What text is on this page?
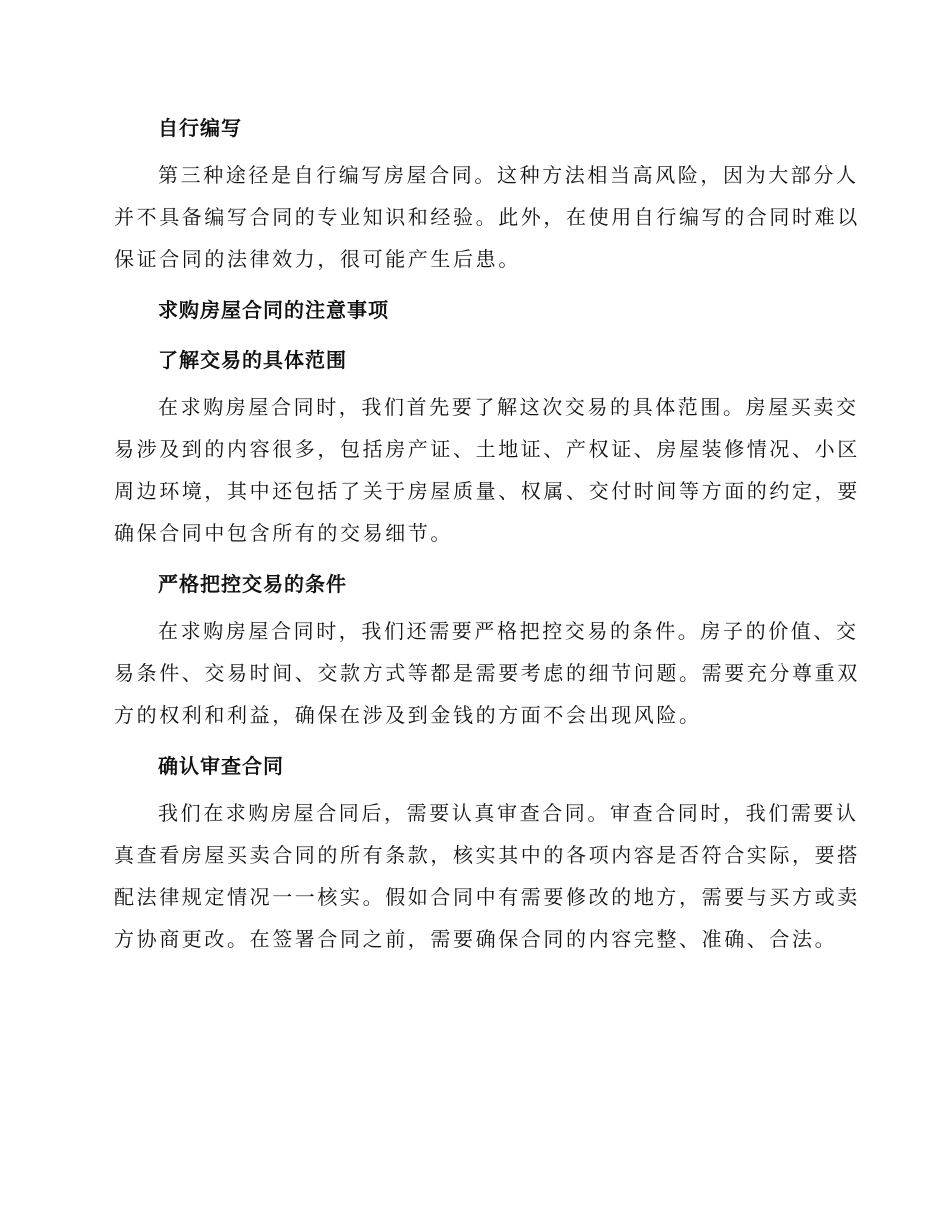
自行编写

第三种途径是自行编写房屋合同。这种方法相当高风险，因为大部分人
并不具备编写合同的专业知识和经验。此外，在使用自行编写的合同时难以
保证合同的法律效力，很可能产生后患。

求购房屋合同的注意事项
了解交易的具体范围

在求购房屋合同时，我们首先要了解这次交易的具体范围。房屋买卖交
易涉及到的内容很多，包括房产证、土地证、产权证、房屋装修情况、小区
周边环境，其中还包括了关于房屋质量、权属、交付时间等方面的约定，要
确保合同中包含所有的交易细节。

严格把控交易的条件

在求购房屋合同时，我们还需要严格把控交易的条件。房子的价值、交
易条件、交易时间、交款方式等都是需要考虑的细节问题。需要充分尊重双
方的权利和利益，确保在涉及到金钱的方面不会出现风险。

确认审查合同

我们在求购房屋合同后，需要认真审查合同。审查合同时，我们需要认
真查看房屋买卖合同的所有条款，核实其中的各项内容是否符合实际，要搭
配法律规定情况一一核实。假如合同中有需要修改的地方，需要与买方或卖
方协商更改。在签署合同之前，需要确保合同的内容完整、准确、合法。
